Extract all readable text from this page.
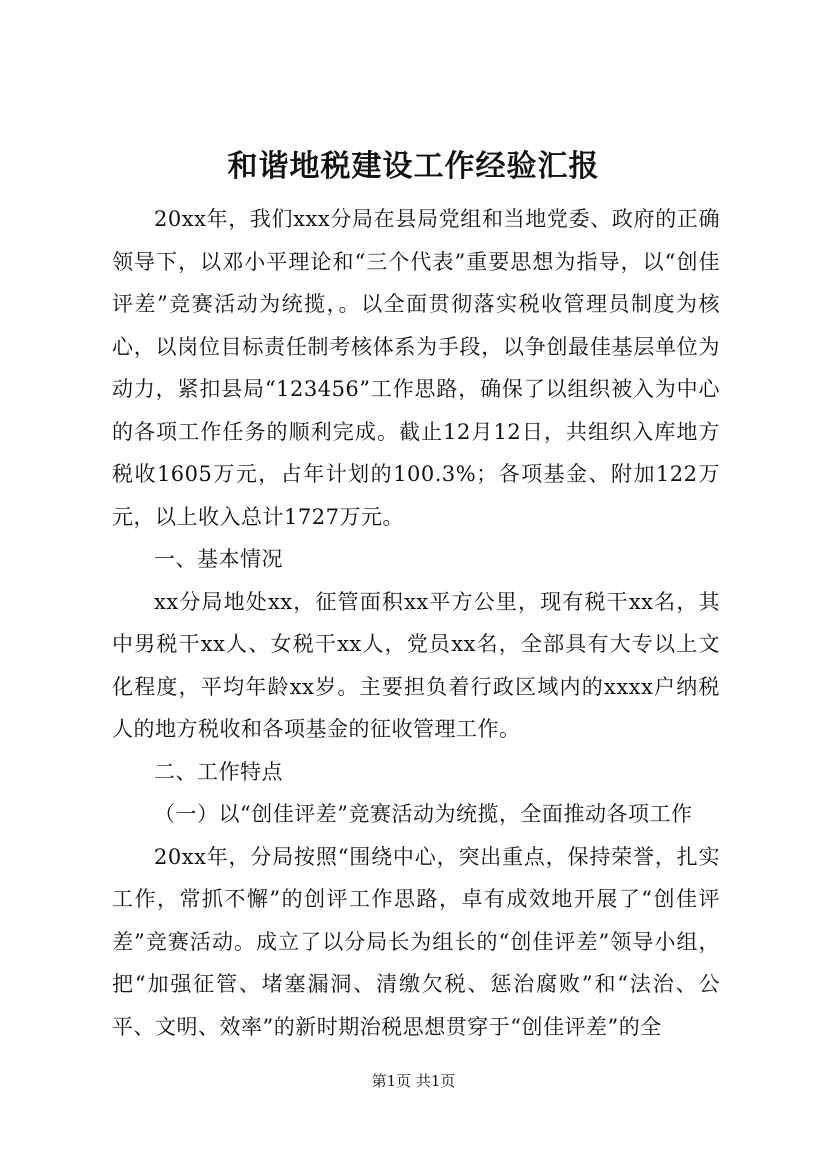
和谐地税建设工作经验汇报

20xx年，我们xxx分局在县局党组和当地党委、政府的正确领导下，以邓小平理论和“三个代表”重要思想为指导，以“创佳评差”竞赛活动为统揽，。以全面贯彻落实税收管理员制度为核心，以岗位目标责任制考核体系为手段，以争创最佳基层单位为动力，紧扣县局“123456”工作思路，确保了以组织被入为中心的各项工作任务的顺利完成。截止12月12日，共组织入库地方税收1605万元，占年计划的100.3%；各项基金、附加122万元，以上收入总计1727万元。

一、基本情况

xx分局地处xx，征管面积xx平方公里，现有税干xx名，其中男税干xx人、女税干xx人，党员xx名，全部具有大专以上文化程度，平均年龄xx岁。主要担负着行政区域内的xxxx户纳税人的地方税收和各项基金的征收管理工作。

二、工作特点

（一）以“创佳评差”竞赛活动为统揽，全面推动各项工作

20xx年，分局按照“围绕中心，突出重点，保持荣誉，扎实工作，常抓不懈”的创评工作思路，卓有成效地开展了“创佳评差”竞赛活动。成立了以分局长为组长的“创佳评差”领导小组，把“加强征管、堵塞漏洞、清缴欠税、惩治腐败”和“法治、公平、文明、效率”的新时期治税思想贯穿于“创佳评差”的全

第1页 共1页
